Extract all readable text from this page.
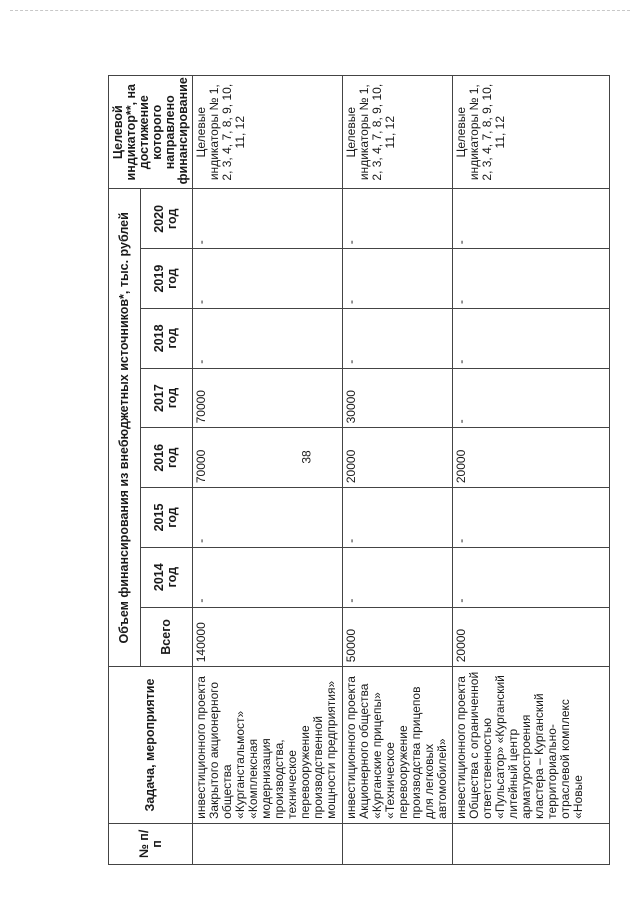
38
№ п/п	Задача, мероприятие	Объем финансирования из внебюджетных источников*, тыс. рублей								Целевой индикатор**, на достижение которого направлено финансирование
		Всего	2014 год	2015 год	2016 год	2017 год	2018 год	2019 год	2020 год	
	инвестиционного проекта Закрытого акционерного общества «Курганстальмост» «Комплексная модернизация производства, техническое перевооружение производственной мощности предприятия»	140000	-	-	70000	70000	-	-	-	Целевые индикаторы № 1, 2, 3, 4, 7, 8, 9, 10, 11, 12
	инвестиционного проекта Акционерного общества «Курганские прицепы» «Техническое перевооружение производства прицепов для легковых автомобилей»	50000	-	-	20000	30000	-	-	-	Целевые индикаторы № 1, 2, 3, 4, 7, 8, 9, 10, 11, 12
	инвестиционного проекта Общества с ограниченной ответственностью «Пульсатор» «Курганский литейный центр арматуростроения кластера – Курганский территориально-отраслевой комплекс «Новые	20000	-	-	20000	-	-	-	-	Целевые индикаторы № 1, 2, 3, 4, 7, 8, 9, 10, 11, 12
